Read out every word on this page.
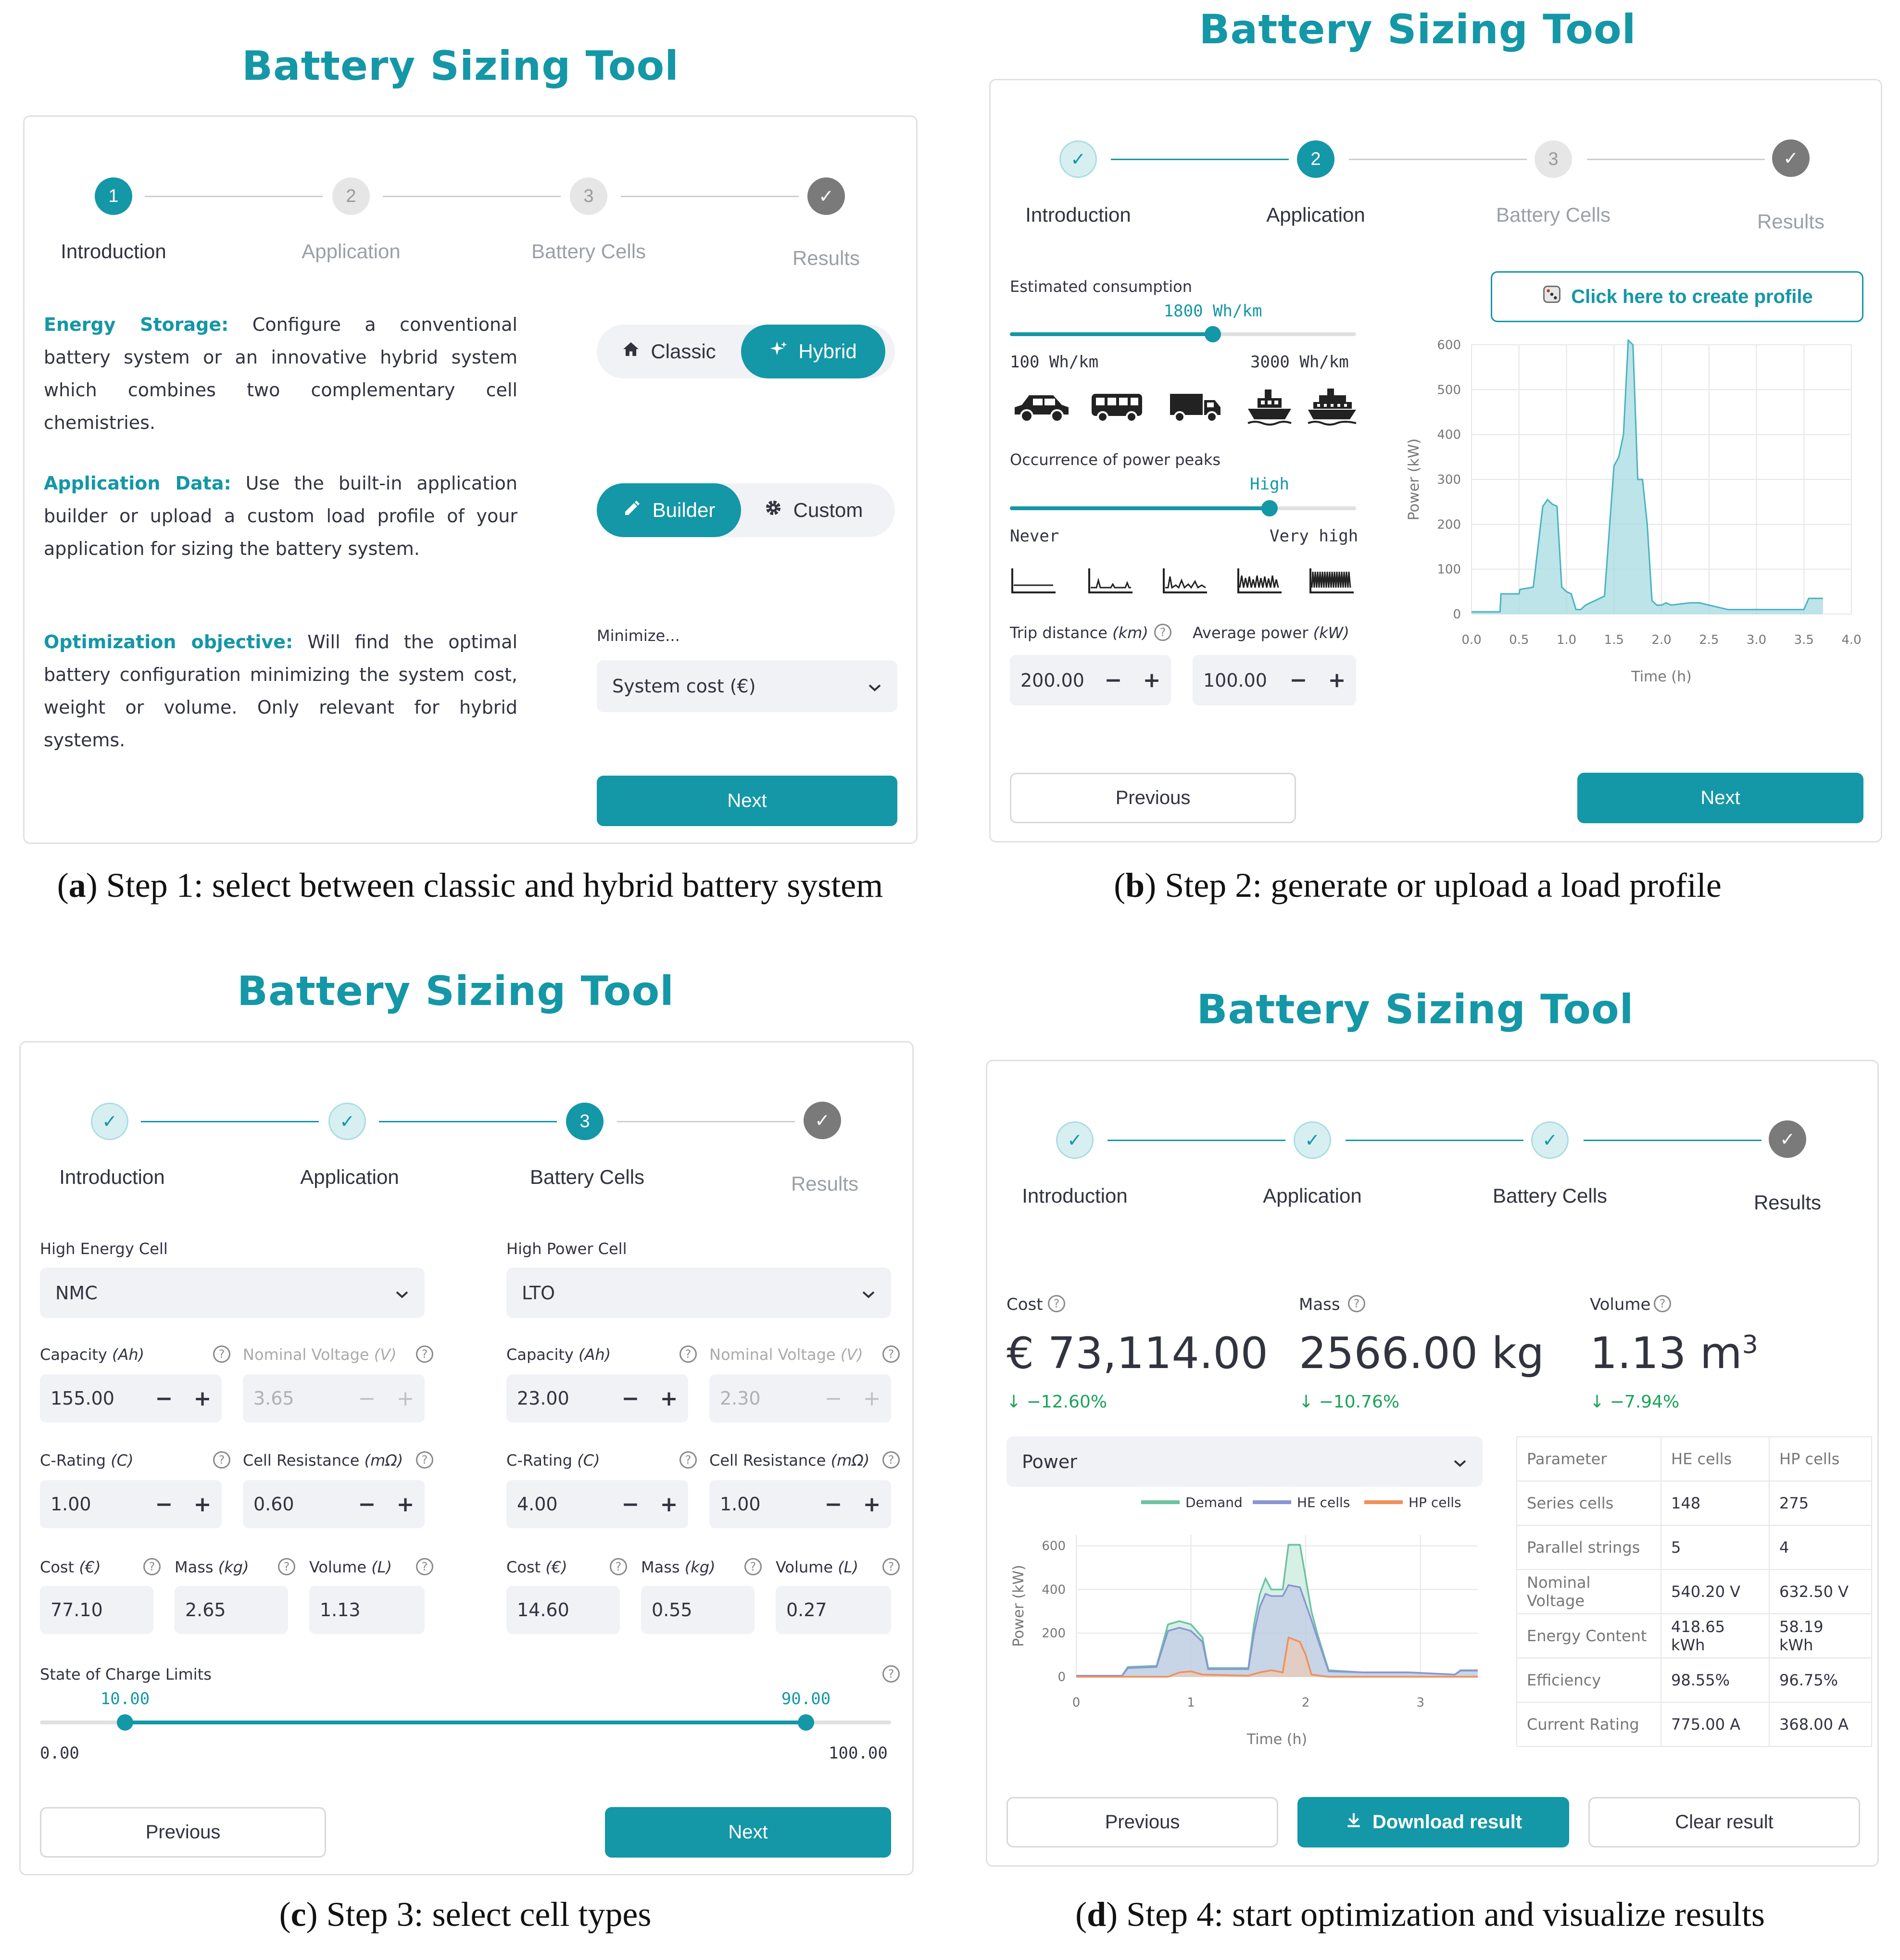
Battery Sizing Tool
1	2	3	✓
Introduction	Application	Battery Cells	Results
Energy Storage: Configure a conventional battery system or an innovative hybrid system which combines two complementary cell chemistries.
Application Data: Use the built-in application builder or upload a custom load profile of your application for sizing the battery system.
Optimization objective: Will find the optimal battery configuration minimizing the system cost, weight or volume. Only relevant for hybrid systems.
Classic	Hybrid
Builder	Custom
Minimize...
System cost (€)
Next
(a) Step 1: select between classic and hybrid battery system
Battery Sizing Tool
✓	2	3	✓
Introduction	Application	Battery Cells	Results
Estimated consumption
1800 Wh/km
100 Wh/km	3000 Wh/km
Occurrence of power peaks
High
Never	Very high
Trip distance (km) ?	Average power (kW)
200.00 − +	100.00	− +
Click here to create profile
0
100
200
300
400
500
600
0.0 0.5 1.0 1.5 2.0 2.5 3.0 3.5 4.0
Time (h)
Power (kW)
Previous	Next
(b) Step 2: generate or upload a load profile
Battery Sizing Tool
✓	✓	3	✓
Introduction	Application	Battery Cells	Results
High Energy Cell
NMC
Capacity (Ah)	?	Nominal Voltage (V)	?
155.00	− +	3.65	− +
C-Rating (C)	?	Cell Resistance (mΩ)	?
1.00	− +	0.60	− +
Cost (€)	?	Mass (kg)	?	Volume (L)	?
77.10	2.65	1.13
High Power Cell
LTO
Capacity (Ah)	?	Nominal Voltage (V)	?
23.00	− +	2.30	− +
C-Rating (C)	?	Cell Resistance (mΩ)	?
4.00	− +	1.00	− +
Cost (€)	?	Mass (kg)	?	Volume (L)	?
14.60	0.55	0.27
State of Charge Limits	?
10.00	90.00
0.00	100.00
Previous	Next
(c) Step 3: select cell types
Battery Sizing Tool
✓	✓	✓	✓
Introduction	Application	Battery Cells	Results
Cost ?
€ 73,114.00
↓ −12.60%
Mass	?
2566.00 kg
↓ −10.76%
Volume ?
1.13 $m^3$
↓ −7.94%
Power
0
200
400
600
0	1	2	3
Time (h)
Power (kW)
Demand	HE cells	HP cells
Parameter	HE cells	HP cells
Series cells	148	275
Parallel strings	5	4
Nominal Voltage	540.20 V	632.50 V
Energy Content	418.65 kWh	58.19 kWh
Efficiency	98.55%	96.75%
Current Rating	775.00 A	368.00 A
Previous	Download result	Clear result
(d) Step 4: start optimization and visualize results
